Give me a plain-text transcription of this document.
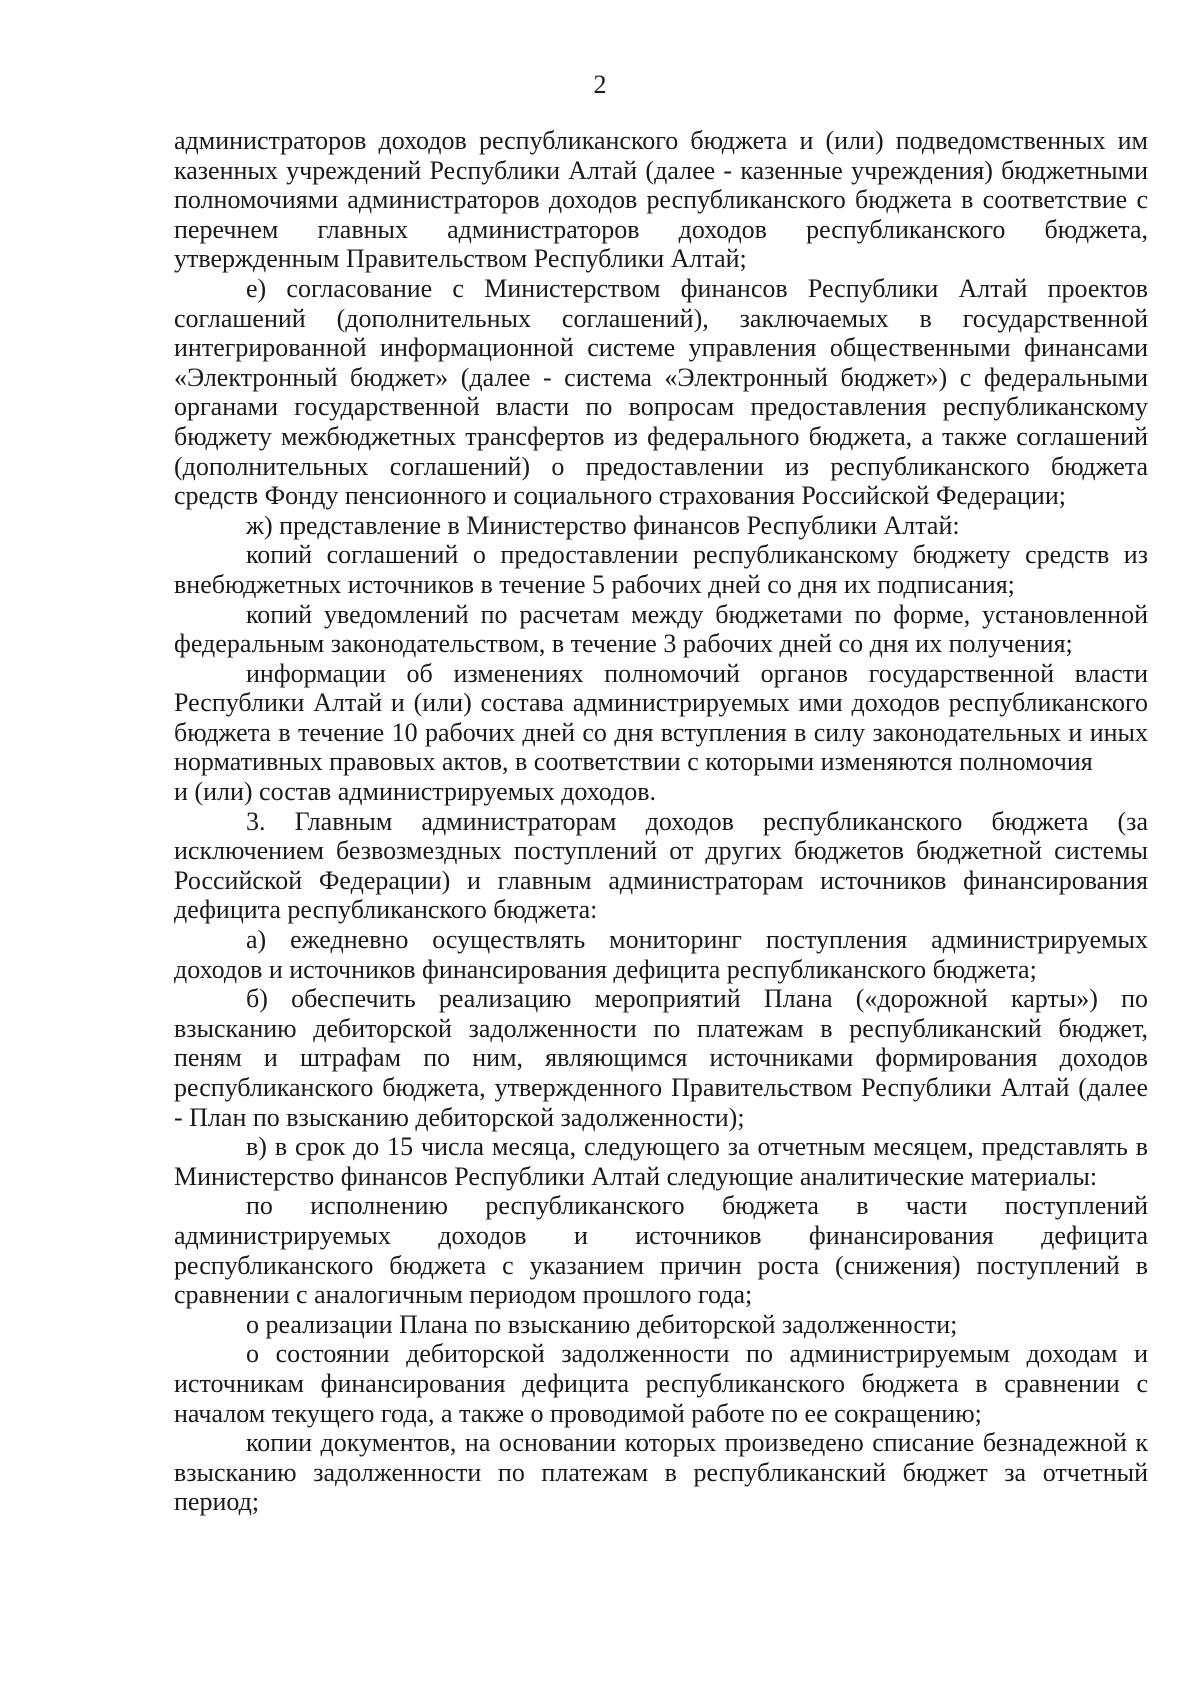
2

администраторов доходов республиканского бюджета и (или) подведомственных им казенных учреждений Республики Алтай (далее - казенные учреждения) бюджетными полномочиями администраторов доходов республиканского бюджета в соответствие с перечнем главных администраторов доходов республиканского бюджета, утвержденным Правительством Республики Алтай;

е) согласование с Министерством финансов Республики Алтай проектов соглашений (дополнительных соглашений), заключаемых в государственной интегрированной информационной системе управления общественными финансами «Электронный бюджет» (далее - система «Электронный бюджет») с федеральными органами государственной власти по вопросам предоставления республиканскому бюджету межбюджетных трансфертов из федерального бюджета, а также соглашений (дополнительных соглашений) о предоставлении из республиканского бюджета средств Фонду пенсионного и социального страхования Российской Федерации;

ж) представление в Министерство финансов Республики Алтай:

копий соглашений о предоставлении республиканскому бюджету средств из внебюджетных источников в течение 5 рабочих дней со дня их подписания;

копий уведомлений по расчетам между бюджетами по форме, установленной федеральным законодательством, в течение 3 рабочих дней со дня их получения;

информации об изменениях полномочий органов государственной власти Республики Алтай и (или) состава администрируемых ими доходов республиканского бюджета в течение 10 рабочих дней со дня вступления в силу законодательных и иных нормативных правовых актов, в соответствии с которыми изменяются полномочия

и (или) состав администрируемых доходов.

3. Главным администраторам доходов республиканского бюджета (за исключением безвозмездных поступлений от других бюджетов бюджетной системы Российской Федерации) и главным администраторам источников финансирования дефицита республиканского бюджета:

а) ежедневно осуществлять мониторинг поступления администрируемых доходов и источников финансирования дефицита республиканского бюджета;

б) обеспечить реализацию мероприятий Плана («дорожной карты») по взысканию дебиторской задолженности по платежам в республиканский бюджет, пеням и штрафам по ним, являющимся источниками формирования доходов республиканского бюджета, утвержденного Правительством Республики Алтай (далее - План по взысканию дебиторской задолженности);

в) в срок до 15 числа месяца, следующего за отчетным месяцем, представлять в Министерство финансов Республики Алтай следующие аналитические материалы:

по исполнению республиканского бюджета в части поступлений администрируемых доходов и источников финансирования дефицита республиканского бюджета с указанием причин роста (снижения) поступлений в сравнении с аналогичным периодом прошлого года;

о реализации Плана по взысканию дебиторской задолженности;

о состоянии дебиторской задолженности по администрируемым доходам и источникам финансирования дефицита республиканского бюджета в сравнении с началом текущего года, а также о проводимой работе по ее сокращению;

копии документов, на основании которых произведено списание безнадежной к взысканию задолженности по платежам в республиканский бюджет за отчетный период;
